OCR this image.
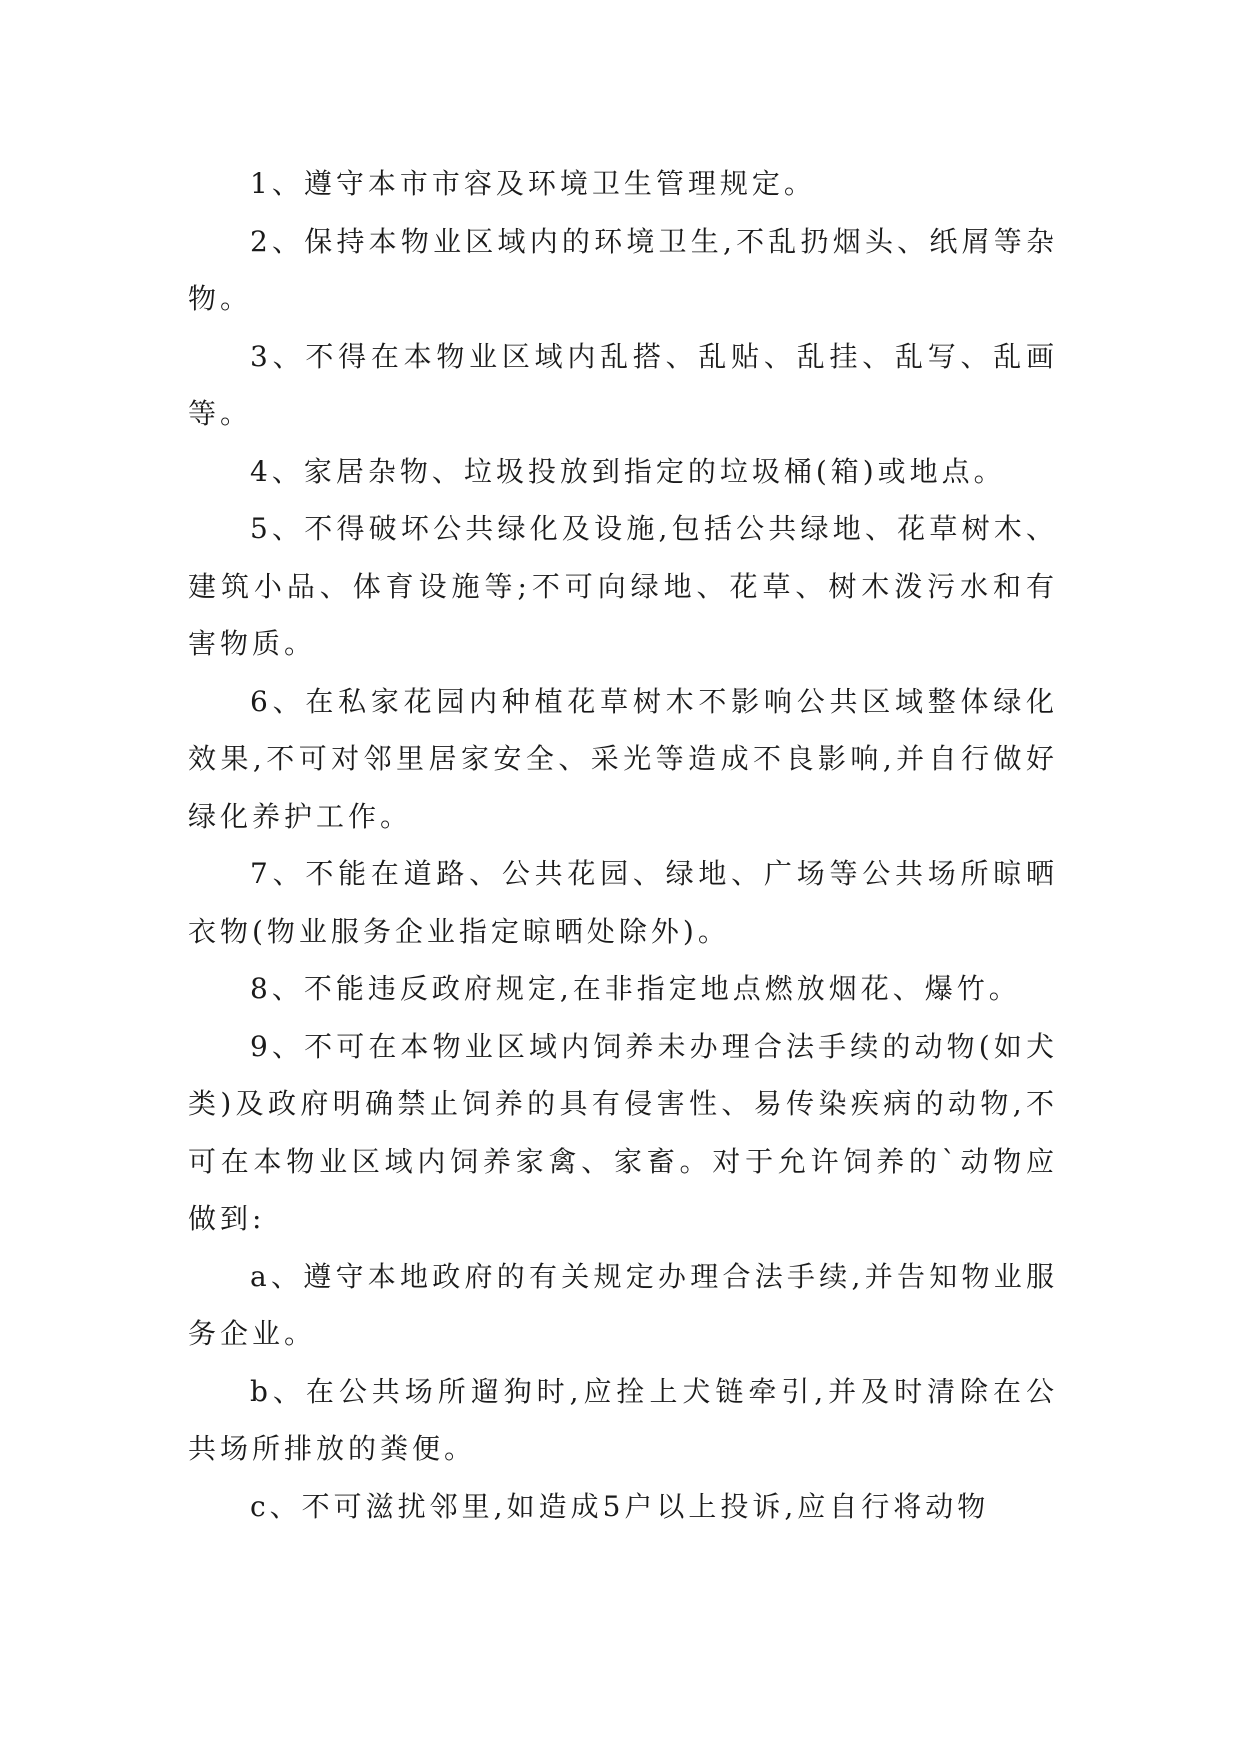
1、遵守本市市容及环境卫生管理规定。

2、保持本物业区域内的环境卫生,不乱扔烟头、纸屑等杂物。

3、不得在本物业区域内乱搭、乱贴、乱挂、乱写、乱画等。

4、家居杂物、垃圾投放到指定的垃圾桶(箱)或地点。

5、不得破坏公共绿化及设施,包括公共绿地、花草树木、建筑小品、体育设施等;不可向绿地、花草、树木泼污水和有害物质。

6、在私家花园内种植花草树木不影响公共区域整体绿化效果,不可对邻里居家安全、采光等造成不良影响,并自行做好绿化养护工作。

7、不能在道路、公共花园、绿地、广场等公共场所晾晒衣物(物业服务企业指定晾晒处除外)。

8、不能违反政府规定,在非指定地点燃放烟花、爆竹。

9、不可在本物业区域内饲养未办理合法手续的动物(如犬类)及政府明确禁止饲养的具有侵害性、易传染疾病的动物,不可在本物业区域内饲养家禽、家畜。对于允许饲养的`动物应做到:

a、遵守本地政府的有关规定办理合法手续,并告知物业服务企业。

b、在公共场所遛狗时,应拴上犬链牵引,并及时清除在公共场所排放的粪便。

c、不可滋扰邻里,如造成5户以上投诉,应自行将动物
